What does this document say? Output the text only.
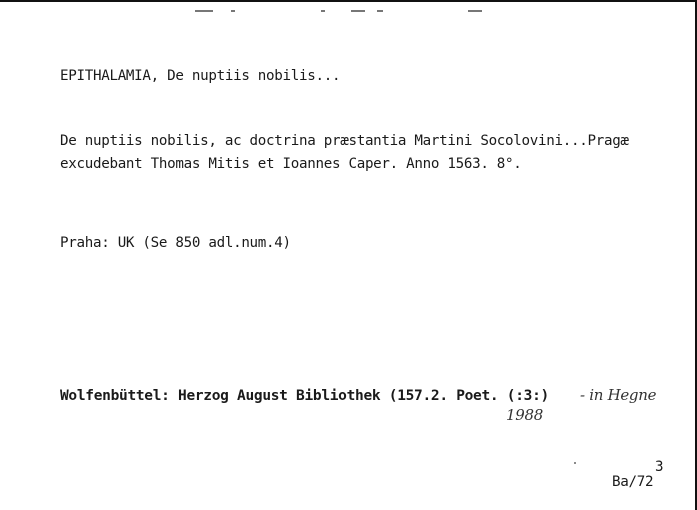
EPITHALAMIA, De nuptiis nobilis...
De nuptiis nobilis, ac doctrina præstantia Martini Socolovini...Pragæ
excudebant Thomas Mitis et Ioannes Caper. Anno 1563. 8°.
Praha: UK (Se 850 adl.num.4)
Wolfenbüttel: Herzog August Bibliothek (157.2. Poet. (:3:) - in Hegne
1988
3
Ba/72
